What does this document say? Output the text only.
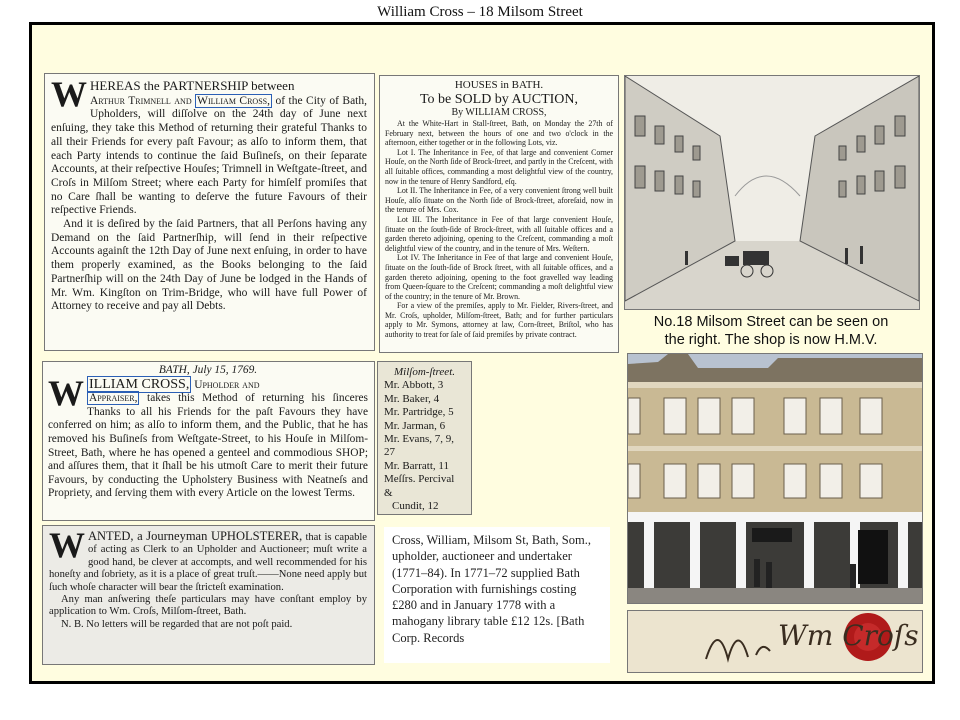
William Cross – 18 Milsom Street
W HEREAS the PARTNERSHIP between
Arthur Trimnell and William Cross, of the City of Bath, Upholders, will diſſolve on the 24th day of June next enſuing, they take this Method of returning their grateful Thanks to all their Friends for every paſt Favour; as alſo to inform them, that each Party intends to continue the ſaid Buſineſs, on their ſeparate Accounts, at their reſpective Houſes; Trimnell in Weſtgate-ſtreet, and Croſs in Milſom Street; where each Party for himſelf promiſes that no Care ſhall be wanting to deſerve the future Favours of their reſpective Friends.

And it is deſired by the ſaid Partners, that all Perſons having any Demand on the ſaid Partnerſhip, will ſend in their reſpective Accounts againſt the 12th Day of June next enſuing, in order to have them properly examined, as the Books belonging to the ſaid Partnerſhip will on the 24th Day of June be lodged in the Hands of Mr. Wm. Kingſton on Trim-Bridge, who will have full Power of Attorney to receive and pay all Debts.

HOUSES in BATH.
To be SOLD by AUCTION,
By WILLIAM CROSS,

At the White-Hart in Stall-ſtreet, Bath, on Monday the 27th of February next, between the hours of one and two o'clock in the afternoon, either together or in the following Lots, viz.

Lot I. The Inheritance in Fee, of that large and convenient Corner Houſe, on the North ſide of Brock-ſtreet, and partly in the Creſcent, with all ſuitable offices, commanding a most delightful view of the country, now in the tenure of Henry Sandford, eſq.

Lot II. The Inheritance in Fee, of a very convenient ſtrong well built Houſe, alſo ſituate on the North ſide of Brock-ſtreet, aforeſaid, now in the tenure of Mrs. Cox.

Lot III. The Inheritance in Fee of that large convenient Houſe, ſituate on the ſouth-ſide of Brock-ſtreet, with all ſuitable offices and a garden thereto adjoining, opening to the Creſcent, commanding a moſt delightful view of the country, and in the tenure of Mrs. Weſtern.

Lot IV. The Inheritance in Fee of that large and convenient Houſe, ſituate on the ſouth-ſide of Brock ſtreet, with all ſuitable offices, and a garden thereto adjoining, opening to the foot gravelled way leading from Queen-ſquare to the Creſcent; commanding a moſt delightful view of the country; in the tenure of Mr. Brown.

For a view of the premiſes, apply to Mr. Fielder, Rivers-ſtreet, and Mr. Croſs, upholder, Milſom-ſtreet, Bath; and for further particulars apply to Mr. Symons, attorney at law, Corn-ſtreet, Briſtol, who has authority to treat for ſale of ſaid premiſes by private contract.

BATH, July 15, 1769.
W ILLIAM CROSS, Upholder and
Appraiser, takes this Method of returning his ſinceres Thanks to all his Friends for the paſt Favours they have conferred on him; as alſo to inform them, and the Public, that he has removed his Buſineſs from Weſtgate-Street, to his Houſe in Milſom-Street, Bath, where he has opened a genteel and commodious SHOP; and aſſures them, that it ſhall be his utmoſt Care to merit their future Favours, by conducting the Upholstery Business with Neatneſs and Propriety, and ſerving them with every Article on the lowest Terms.
Milſom-ſtreet.
Mr. Abbott, 3
Mr. Baker, 4
Mr. Partridge, 5
Mr. Jarman, 6
Mr. Evans, 7, 9, 27
Mr. Barratt, 11
Meſſrs. Percival &
Cundit, 12
W ANTED, a Journeyman UPHOLSTERER, that is capable of acting as Clerk to an Upholder and Auctioneer; muſt write a good hand, be clever at accompts, and well recommended for his honeſty and ſobriety, as it is a place of great truſt.——None need apply but ſuch whoſe character will bear the ſtricteſt examination.

Any man anſwering theſe particulars may have conſtant employ by application to Wm. Croſs, Milſom-ſtreet, Bath.

N. B. No letters will be regarded that are not poſt paid.

Cross, William, Milsom St, Bath, Som., upholder, auctioneer and undertaker (1771–84). In 1771–72 supplied Bath Corporation with furnishings costing £280 and in January 1778 with a mahogany library table £12 12s. [Bath Corp. Records
No.18 Milsom Street can be seen on
the right. The shop is now H.M.V.
Wm Croſs
